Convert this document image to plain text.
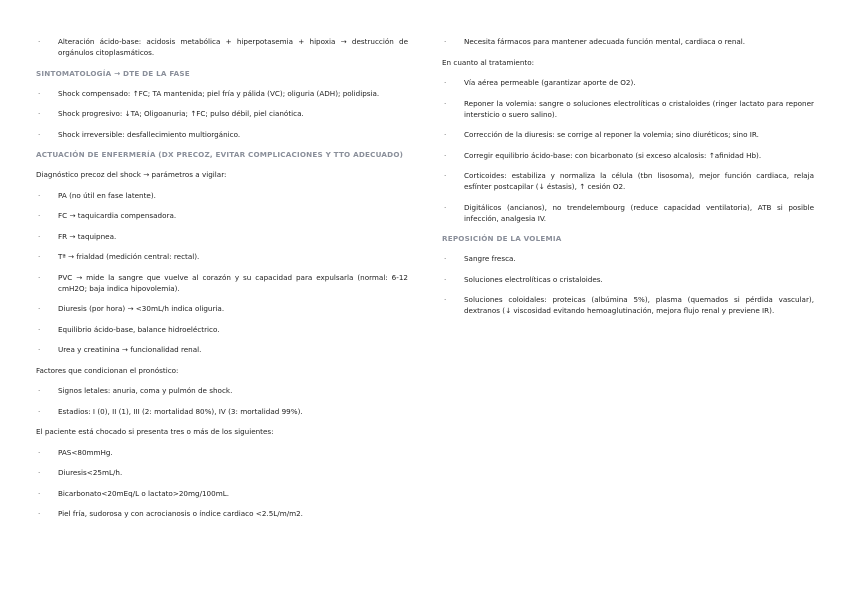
· Alteración ácido-base: acidosis metabólica + hiperpotasemia + hipoxia → destrucción de orgánulos citoplasmáticos.
SINTOMATOLOGÍA → DTE DE LA FASE
· Shock compensado: ↑FC; TA mantenida; piel fría y pálida (VC); oliguria (ADH); polidipsia.
· Shock progresivo: ↓TA; Oligoanuria; ↑FC; pulso débil, piel cianótica.
· Shock irreversible: desfallecimiento multiorgánico.
ACTUACIÓN DE ENFERMERÍA (DX PRECOZ, EVITAR COMPLICACIONES Y TTO ADECUADO)
Diagnóstico precoz del shock → parámetros a vigilar:
· PA (no útil en fase latente).
· FC → taquicardia compensadora.
· FR → taquipnea.
· Tª → frialdad (medición central: rectal).
· PVC → mide la sangre que vuelve al corazón y su capacidad para expulsarla (normal: 6-12 cmH2O; baja indica hipovolemia).
· Diuresis (por hora) → <30mL/h indica oliguria.
· Equilibrio ácido-base, balance hidroeléctrico.
· Urea y creatinina → funcionalidad renal.
Factores que condicionan el pronóstico:
· Signos letales: anuria, coma y pulmón de shock.
· Estadios: I (0), II (1), III (2: mortalidad 80%), IV (3: mortalidad 99%).
El paciente está chocado si presenta tres o más de los siguientes:
· PAS<80mmHg.
· Diuresis<25mL/h.
· Bicarbonato<20mEq/L o lactato>20mg/100mL.
· Piel fría, sudorosa y con acrocianosis o índice cardiaco <2.5L/m/m2.
· Necesita fármacos para mantener adecuada función mental, cardiaca o renal.
En cuanto al tratamiento:
· Vía aérea permeable (garantizar aporte de O2).
· Reponer la volemia: sangre o soluciones electrolíticas o cristaloides (ringer lactato para reponer intersticio o suero salino).
· Corrección de la diuresis: se corrige al reponer la volemia; sino diuréticos; sino IR.
· Corregir equilibrio ácido-base: con bicarbonato (si exceso alcalosis: ↑afinidad Hb).
· Corticoides: estabiliza y normaliza la célula (tbn lisosoma), mejor función cardiaca, relaja esfínter postcapilar (↓ éstasis), ↑ cesión O2.
· Digitálicos (ancianos), no trendelembourg (reduce capacidad ventilatoria), ATB si posible infección, analgesia IV.
REPOSICIÓN DE LA VOLEMIA
· Sangre fresca.
· Soluciones electrolíticas o cristaloides.
· Soluciones coloidales: proteicas (albúmina 5%), plasma (quemados si pérdida vascular), dextranos (↓ viscosidad evitando hemoaglutinación, mejora flujo renal y previene IR).
